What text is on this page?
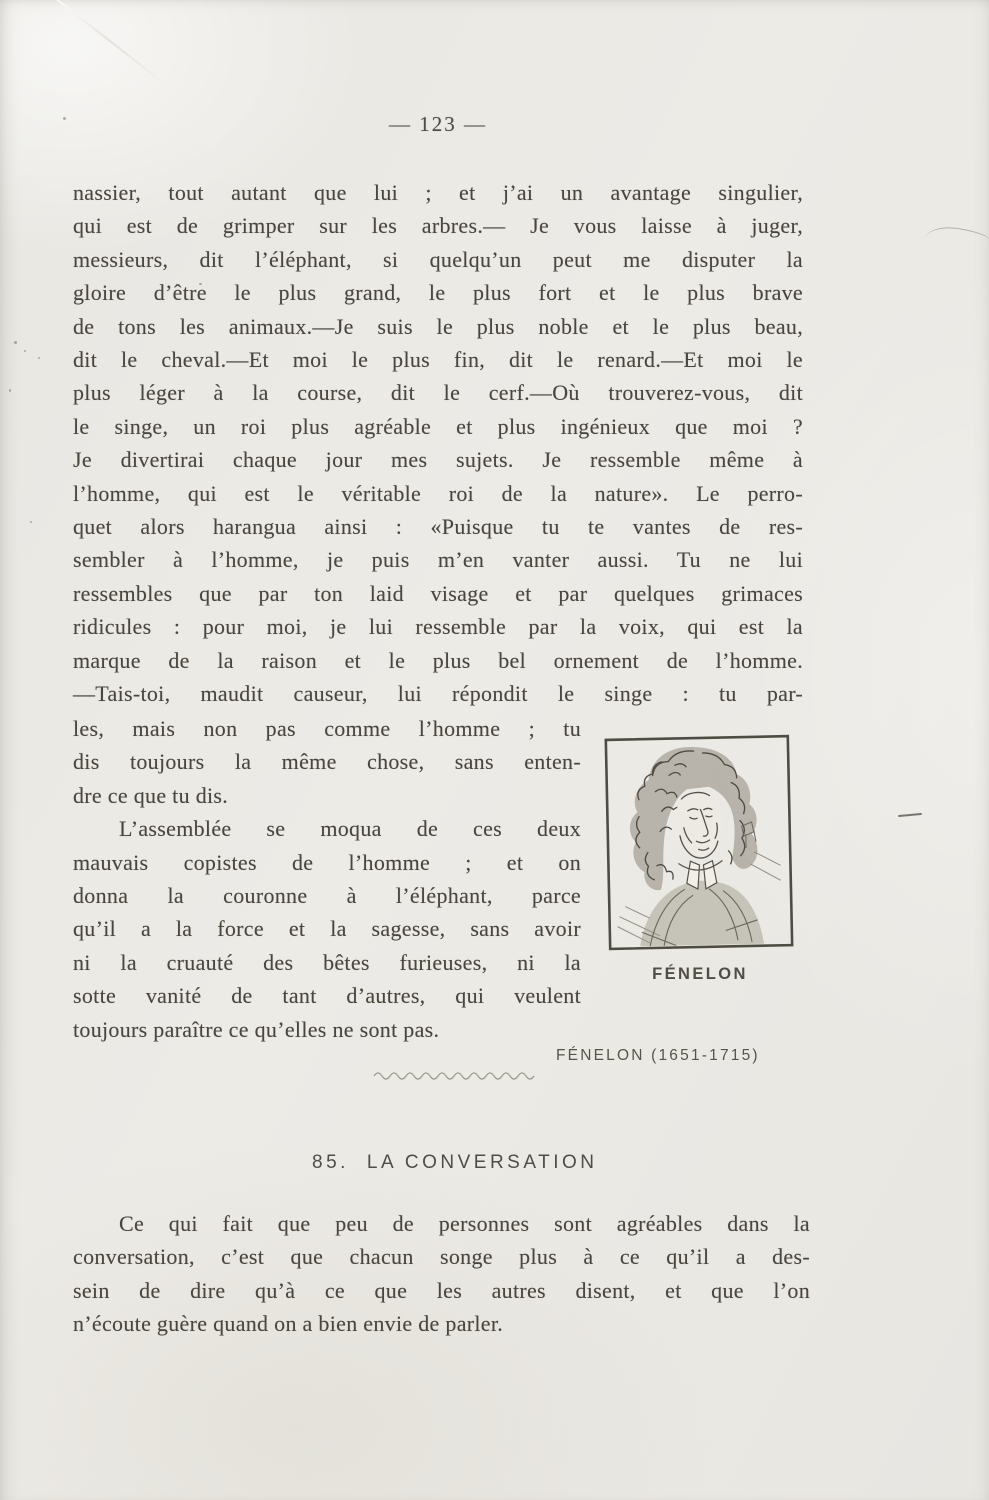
— 123 —
nassier, tout autant que lui ; et j’ai un avantage singulier,
qui est de grimper sur les arbres.— Je vous laisse à juger,
messieurs, dit l’éléphant, si quelqu’un peut me disputer la
gloire d’être le plus grand, le plus fort et le plus brave
de tons les animaux.—Je suis le plus noble et le plus beau,
dit le cheval.—Et moi le plus fin, dit le renard.—Et moi le
plus léger à la course, dit le cerf.—Où trouverez-vous, dit
le singe, un roi plus agréable et plus ingénieux que moi ?
Je divertirai chaque jour mes sujets. Je ressemble même à
l’homme, qui est le véritable roi de la nature». Le perro-
quet alors harangua ainsi : «Puisque tu te vantes de res-
sembler à l’homme, je puis m’en vanter aussi. Tu ne lui
ressembles que par ton laid visage et par quelques grimaces
ridicules : pour moi, je lui ressemble par la voix, qui est la
marque de la raison et le plus bel ornement de l’homme.
—Tais-toi, maudit causeur, lui répondit le singe : tu par-
les, mais non pas comme l’homme ; tu
dis toujours la même chose, sans enten-
dre ce que tu dis.
L’assemblée se moqua de ces deux
mauvais copistes de l’homme ; et on
donna la couronne à l’éléphant, parce
qu’il a la force et la sagesse, sans avoir
ni la cruauté des bêtes furieuses, ni la
sotte vanité de tant d’autres, qui veulent
toujours paraître ce qu’elles ne sont pas.
FÉNELON
FÉNELON (1651-1715)
85. LA CONVERSATION
Ce qui fait que peu de personnes sont agréables dans la
conversation, c’est que chacun songe plus à ce qu’il a des-
sein de dire qu’à ce que les autres disent, et que l’on
n’écoute guère quand on a bien envie de parler.
